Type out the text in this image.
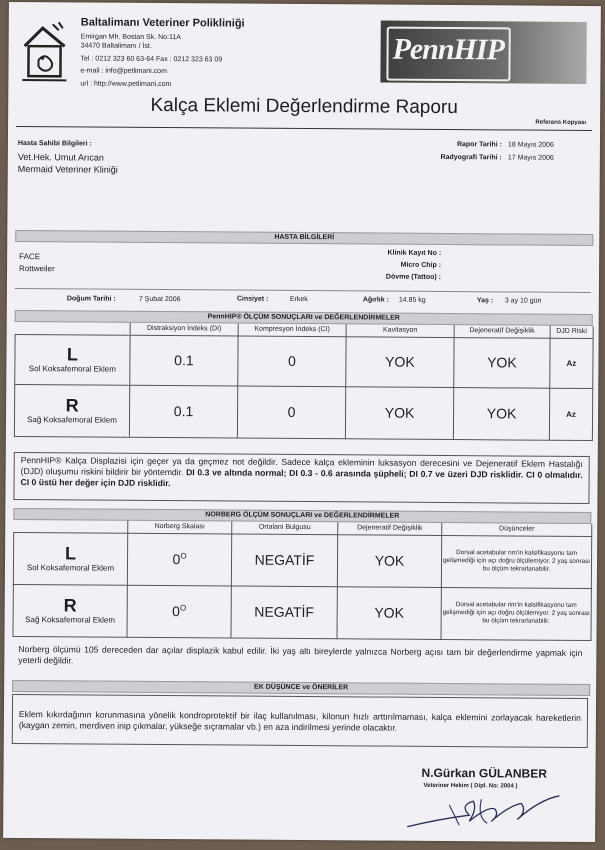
Baltalimanı Veteriner Polikliniği
Emirgan Mh. Bostan Sk. No:11A
34470 Baltalimanı / İst.
Tel : 0212 323 60 63-64 Fax : 0212 323 63 09
e-mail : info@petlimani.com
url : http://www.petlimani.com
PennHIP
Kalça Eklemi Değerlendirme Raporu
Referans Kopyası
Hasta Sahibi Bilgileri :
Vet.Hek. Umut Arıcan
Mermaid Veteriner Kliniği
Rapor Tarihi : 18 Mayıs 2006
Radyografi Tarihi : 17 Mayıs 2006
HASTA BİLGİLERİ
FACE
Rottweiler
Klinik Kayıt No :
Micro Chip :
Dövme (Tattoo) :
Doğum Tarihi :	7 Şubat 2006	Cinsiyet :	Erkek	Ağırlık : 14.85 kg	Yaş : 3 ay 10 gün
PennHIP® ÖLÇÜM SONUÇLARI ve DEĞERLENDİRMELER
	Distraksiyon İndeks (DI)	Kompresyon İndeks (CI)	Kavitasyon	Dejeneratif Değişiklik	DJD Riski

L
Sol Koksafemoral Eklem	0.1	0	YOK	YOK	Az

R
Sağ Koksafemoral Eklem	0.1	0	YOK	YOK	Az
PennHIP® Kalça Displazisi için geçer ya da geçmez not değildir. Sadece kalça ekleminin luksasyon derecesini ve Dejeneratif Eklem Hastalığı (DJD) oluşumu riskini bildirir bir yöntemdir. DI 0.3 ve altında normal; DI 0.3 - 0.6 arasında şüpheli; DI 0.7 ve üzeri DJD risklidir. CI 0 olmalıdır. CI 0 üstü her değer için DJD risklidir.
NORBERG ÖLÇÜM SONUÇLARI ve DEĞERLENDİRMELER
	Norberg Skalası	Ortalani Bulgusu	Dejeneratif Değişiklik	Düşünceler

L
Sol Koksafemoral Eklem	$0^O$	NEGATİF	YOK	Dorsal acetabular rim'in kalsifikasyonu tam gelişmediği için açı doğru ölçülemiyor. 2 yaş sonrası bu ölçüm tekrarlanabilir.

R
Sağ Koksafemoral Eklem	$0^O$	NEGATİF	YOK	Dorsal acetabular rim'in kalsifikasyonu tam gelişmediği için açı doğru ölçülemiyor. 2 yaş sonrası bu ölçüm tekrarlanabilir.
Norberg ölçümü 105 dereceden dar açılar displazik kabul edilir. İki yaş altı bireylerde yalnızca Norberg açısı tam bir değerlendirme yapmak için yeterli değildir.
EK DÜŞÜNCE ve ÖNERİLER
Eklem kıkırdağının korunmasına yönelik kondroprotektif bir ilaç kullanılması, kilonun hızlı arttırılmaması, kalça eklemini zorlayacak hareketlerin (kaygan zemin, merdiven inip çıkmalar, yükseğe sıçramalar vb.) en aza indirilmesi yerinde olacaktır.
N.Gürkan GÜLANBER
Veteriner Hekim ( Dipl. No: 2004 )
